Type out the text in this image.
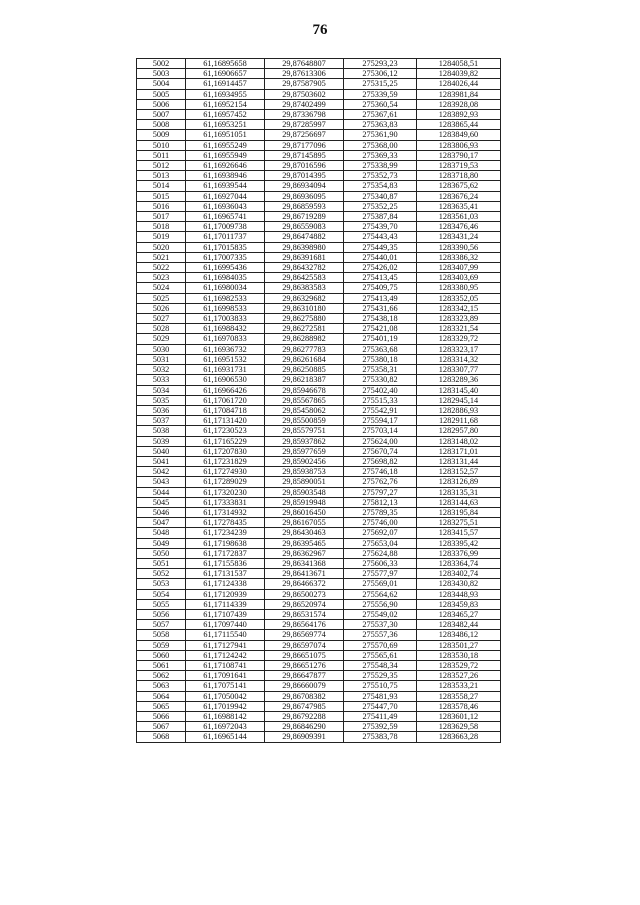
76
5002	61,16895658	29,87648807	275293,23	1284058,51
5003	61,16906657	29,87613306	275306,12	1284039,82
5004	61,16914457	29,87587905	275315,25	1284026,44
5005	61,16934955	29,87503602	275339,59	1283981,84
5006	61,16952154	29,87402499	275360,54	1283928,08
5007	61,16957452	29,87336798	275367,61	1283892,93
5008	61,16953251	29,87285997	275363,83	1283865,44
5009	61,16951051	29,87256697	275361,90	1283849,60
5010	61,16955249	29,87177096	275368,00	1283806,93
5011	61,16955949	29,87145895	275369,33	1283790,17
5012	61,16926646	29,87016596	275338,99	1283719,53
5013	61,16938946	29,87014395	275352,73	1283718,80
5014	61,16939544	29,86934094	275354,83	1283675,62
5015	61,16927044	29,86936095	275340,87	1283676,24
5016	61,16936043	29,86859593	275352,25	1283635,41
5017	61,16965741	29,86719289	275387,84	1283561,03
5018	61,17009738	29,86559083	275439,70	1283476,46
5019	61,17011737	29,86474882	275443,43	1283431,24
5020	61,17015835	29,86398980	275449,35	1283390,56
5021	61,17007335	29,86391681	275440,01	1283386,32
5022	61,16995436	29,86432782	275426,02	1283407,99
5023	61,16984035	29,86425583	275413,45	1283403,69
5024	61,16980034	29,86383583	275409,75	1283380,95
5025	61,16982533	29,86329682	275413,49	1283352,05
5026	61,16998533	29,86310180	275431,66	1283342,15
5027	61,17003833	29,86275880	275438,18	1283323,89
5028	61,16988432	29,86272581	275421,08	1283321,54
5029	61,16970833	29,86288982	275401,19	1283329,72
5030	61,16936732	29,86277783	275363,68	1283323,17
5031	61,16951532	29,86261684	275380,18	1283314,32
5032	61,16931731	29,86250885	275358,31	1283307,77
5033	61,16906530	29,86218387	275330,82	1283289,36
5034	61,16966426	29,85946678	275402,40	1283145,40
5035	61,17061720	29,85567865	275515,33	1282945,14
5036	61,17084718	29,85458062	275542,91	1282886,93
5037	61,17131420	29,85500859	275594,17	1282911,68
5038	61,17230523	29,85579751	275703,14	1282957,80
5039	61,17165229	29,85937862	275624,00	1283148,02
5040	61,17207830	29,85977659	275670,74	1283171,01
5041	61,17231829	29,85902456	275698,82	1283131,44
5042	61,17274930	29,85938753	275746,18	1283152,57
5043	61,17289029	29,85890051	275762,76	1283126,89
5044	61,17320230	29,85903548	275797,27	1283135,31
5045	61,17333831	29,85919948	275812,13	1283144,63
5046	61,17314932	29,86016450	275789,35	1283195,84
5047	61,17278435	29,86167055	275746,00	1283275,51
5048	61,17234239	29,86430463	275692,07	1283415,57
5049	61,17198638	29,86395465	275653,04	1283395,42
5050	61,17172837	29,86362967	275624,88	1283376,99
5051	61,17155836	29,86341368	275606,33	1283364,74
5052	61,17131537	29,86413671	275577,97	1283402,74
5053	61,17124338	29,86466372	275569,01	1283430,82
5054	61,17120939	29,86500273	275564,62	1283448,93
5055	61,17114339	29,86520974	275556,90	1283459,83
5056	61,17107439	29,86531574	275549,02	1283465,27
5057	61,17097440	29,86564176	275537,30	1283482,44
5058	61,17115540	29,86569774	275557,36	1283486,12
5059	61,17127941	29,86597074	275570,69	1283501,27
5060	61,17124242	29,86651075	275565,61	1283530,18
5061	61,17108741	29,86651276	275548,34	1283529,72
5062	61,17091641	29,86647877	275529,35	1283527,26
5063	61,17075141	29,86660079	275510,75	1283533,21
5064	61,17050042	29,86708382	275481,93	1283558,27
5065	61,17019942	29,86747985	275447,70	1283578,46
5066	61,16988142	29,86792288	275411,49	1283601,12
5067	61,16972043	29,86846290	275392,59	1283629,58
5068	61,16965144	29,86909391	275383,78	1283663,28
